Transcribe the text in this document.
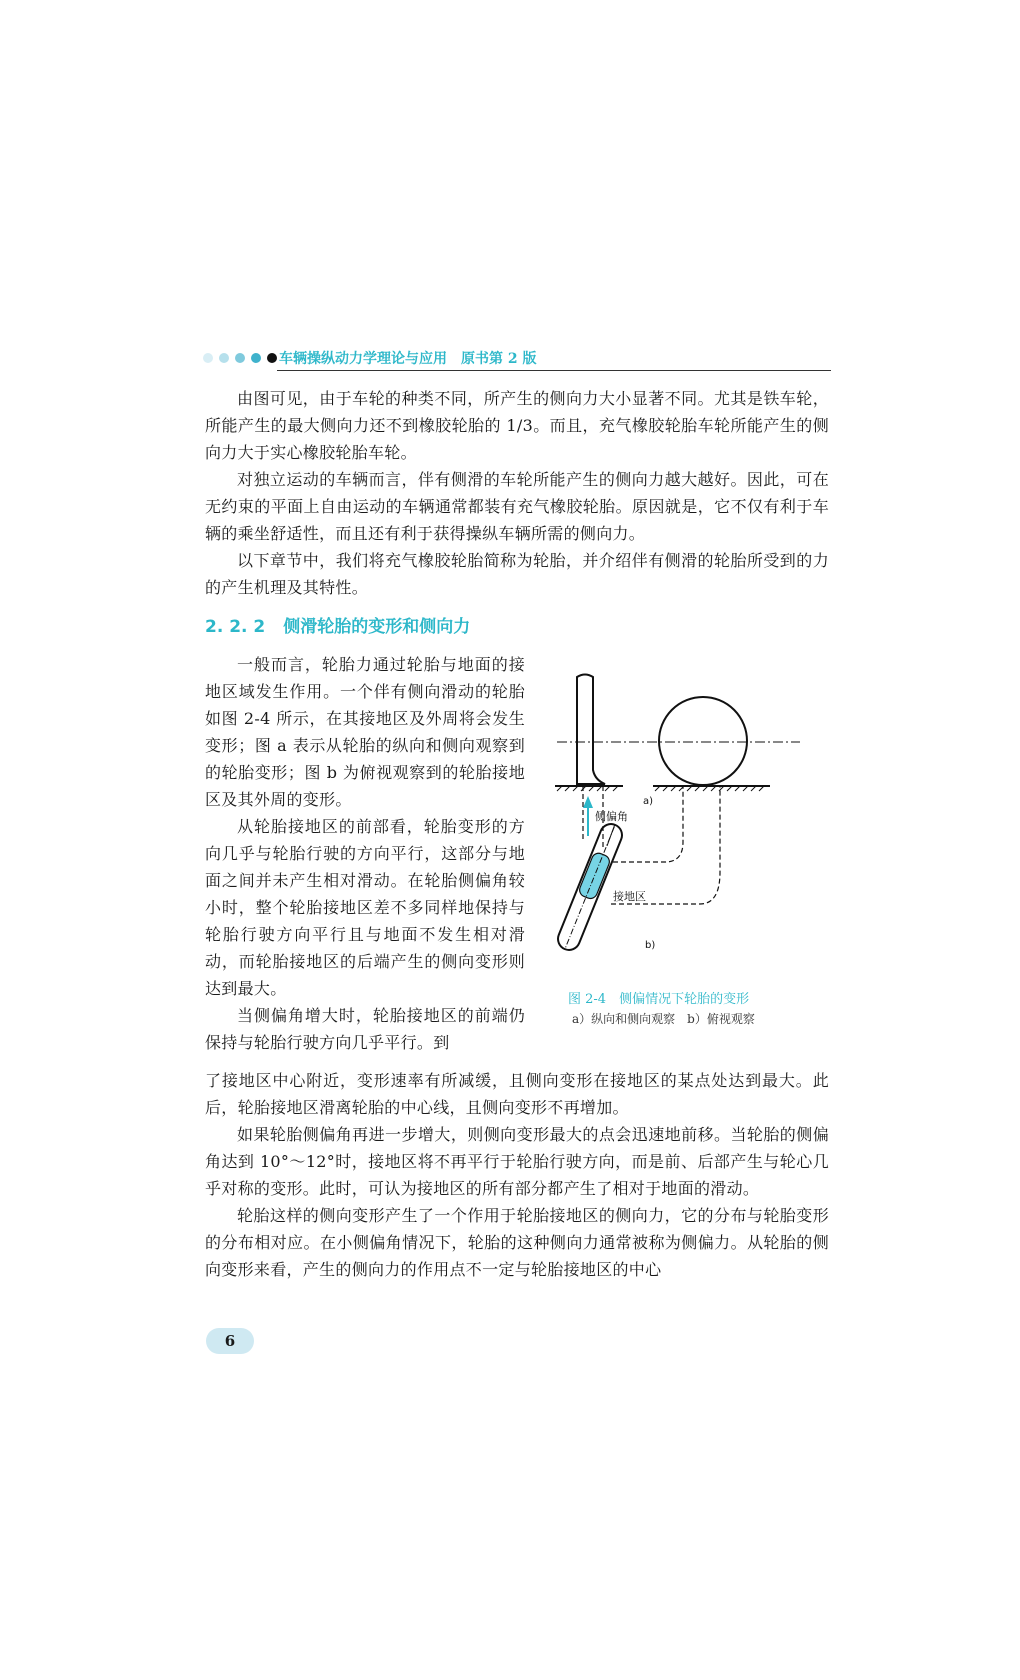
车辆操纵动力学理论与应用　原书第 2 版

由图可见，由于车轮的种类不同，所产生的侧向力大小显著不同。尤其是铁车轮，所能产生的最大侧向力还不到橡胶轮胎的 1/3。而且，充气橡胶轮胎车轮所能产生的侧向力大于实心橡胶轮胎车轮。

对独立运动的车辆而言，伴有侧滑的车轮所能产生的侧向力越大越好。因此，可在无约束的平面上自由运动的车辆通常都装有充气橡胶轮胎。原因就是，它不仅有利于车辆的乘坐舒适性，而且还有利于获得操纵车辆所需的侧向力。

以下章节中，我们将充气橡胶轮胎简称为轮胎，并介绍伴有侧滑的轮胎所受到的力的产生机理及其特性。

2. 2. 2 侧滑轮胎的变形和侧向力

一般而言，轮胎力通过轮胎与地面的接地区域发生作用。一个伴有侧向滑动的轮胎如图 2-4 所示，在其接地区及外周将会发生变形；图 a 表示从轮胎的纵向和侧向观察到的轮胎变形；图 b 为俯视观察到的轮胎接地区及其外周的变形。

从轮胎接地区的前部看，轮胎变形的方向几乎与轮胎行驶的方向平行，这部分与地面之间并未产生相对滑动。在轮胎侧偏角较小时，整个轮胎接地区差不多同样地保持与轮胎行驶方向平行且与地面不发生相对滑动，而轮胎接地区的后端产生的侧向变形则达到最大。

当侧偏角增大时，轮胎接地区的前端仍保持与轮胎行驶方向几乎平行。到

了接地区中心附近，变形速率有所减缓，且侧向变形在接地区的某点处达到最大。此后，轮胎接地区滑离轮胎的中心线，且侧向变形不再增加。

如果轮胎侧偏角再进一步增大，则侧向变形最大的点会迅速地前移。当轮胎的侧偏角达到 10°～12°时，接地区将不再平行于轮胎行驶方向，而是前、后部产生与轮心几乎对称的变形。此时，可认为接地区的所有部分都产生了相对于地面的滑动。

轮胎这样的侧向变形产生了一个作用于轮胎接地区的侧向力，它的分布与轮胎变形的分布相对应。在小侧偏角情况下，轮胎的这种侧向力通常被称为侧偏力。从轮胎的侧向变形来看，产生的侧向力的作用点不一定与轮胎接地区的中心

a)
侧偏角
接地区
b)
图 2-4　侧偏情况下轮胎的变形
a）纵向和侧向观察　b）俯视观察
6
